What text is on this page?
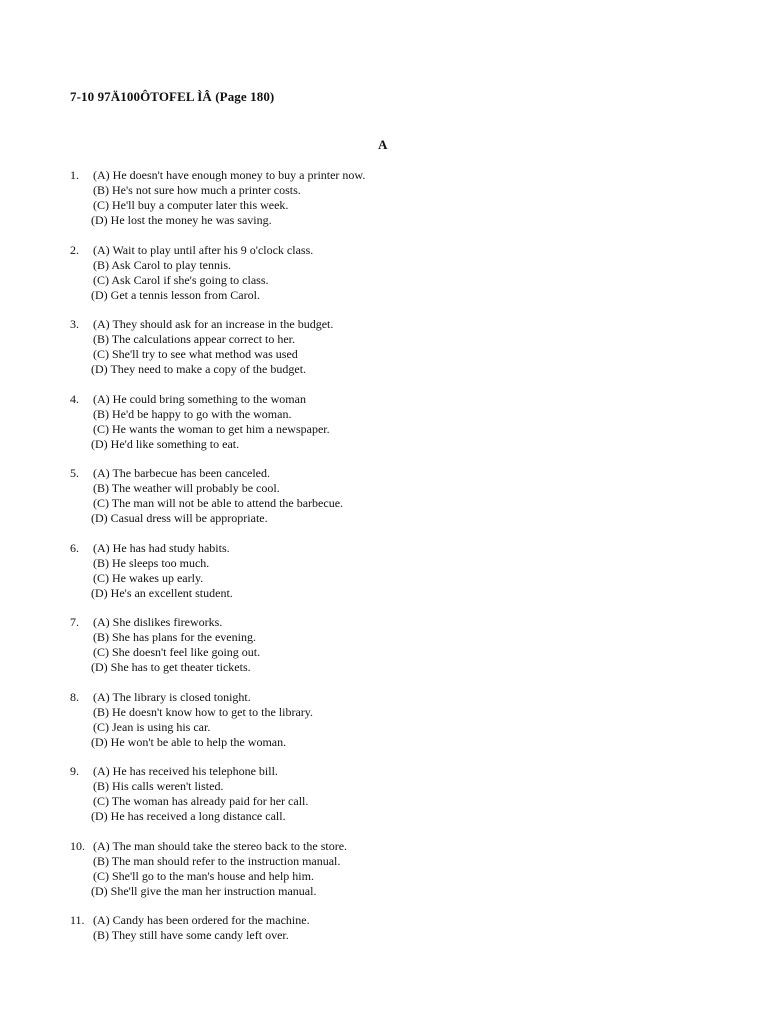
7-10 97Ä100ÔTOFEL ÌÂ (Page 180)
A
1. (A) He doesn't have enough money to buy a printer now.
(B) He's not sure how much a printer costs.
(C) He'll buy a computer later this week.
(D) He lost the money he was saving.
2. (A) Wait to play until after his 9 o'clock class.
(B) Ask Carol to play tennis.
(C) Ask Carol if she's going to class.
(D) Get a tennis lesson from Carol.
3. (A) They should ask for an increase in the budget.
(B) The calculations appear correct to her.
(C) She'll try to see what method was used
(D) They need to make a copy of the budget.
4. (A) He could bring something to the woman
(B) He'd be happy to go with the woman.
(C) He wants the woman to get him a newspaper.
(D) He'd like something to eat.
5. (A) The barbecue has been canceled.
(B) The weather will probably be cool.
(C) The man will not be able to attend the barbecue.
(D) Casual dress will be appropriate.
6. (A) He has had study habits.
(B) He sleeps too much.
(C) He wakes up early.
(D) He's an excellent student.
7. (A) She dislikes fireworks.
(B) She has plans for the evening.
(C) She doesn't feel like going out.
(D) She has to get theater tickets.
8. (A) The library is closed tonight.
(B) He doesn't know how to get to the library.
(C) Jean is using his car.
(D) He won't be able to help the woman.
9. (A) He has received his telephone bill.
(B) His calls weren't listed.
(C) The woman has already paid for her call.
(D) He has received a long distance call.
10. (A) The man should take the stereo back to the store.
(B) The man should refer to the instruction manual.
(C) She'll go to the man's house and help him.
(D) She'll give the man her instruction manual.
11. (A) Candy has been ordered for the machine.
(B) They still have some candy left over.
